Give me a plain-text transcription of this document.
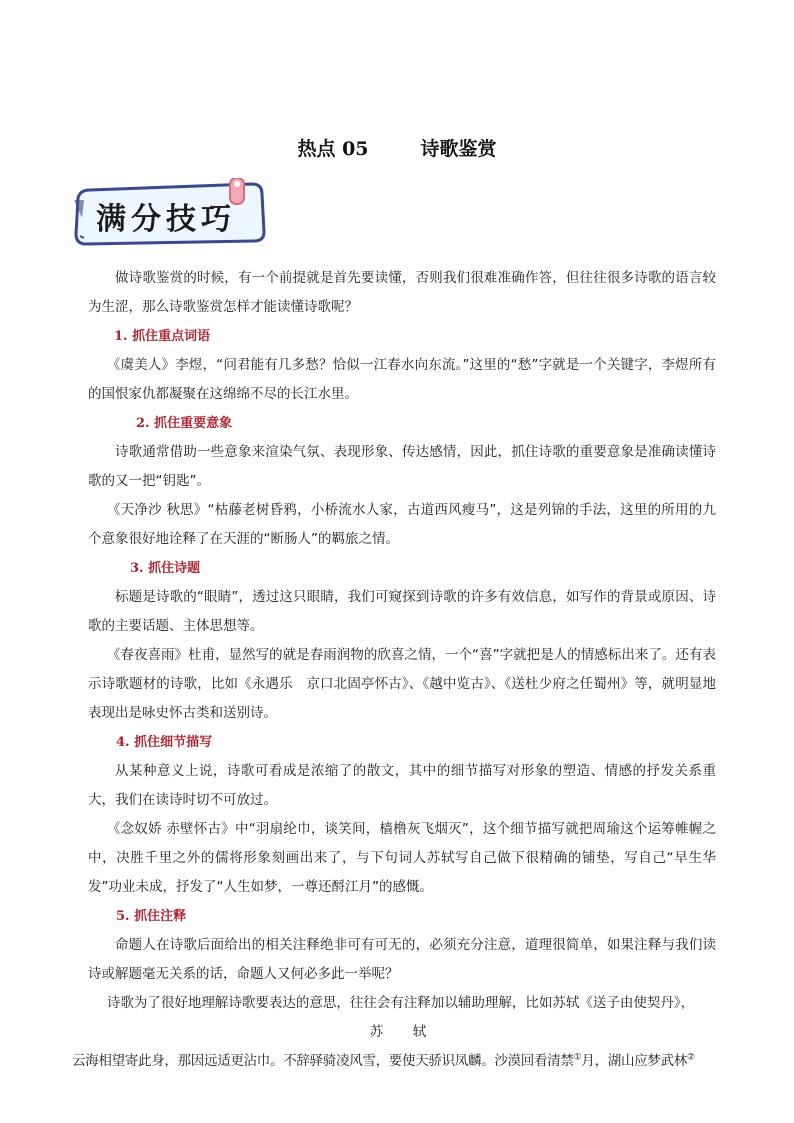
热点 05	诗歌鉴赏
满分技巧

做诗歌鉴赏的时候，有一个前提就是首先要读懂，否则我们很难准确作答，但往往很多诗歌的语言较为生涩，那么诗歌鉴赏怎样才能读懂诗歌呢？

1. 抓住重点词语

《虞美人》李煜，“问君能有几多愁？恰似一江春水向东流。”这里的“愁”字就是一个关键字，李煜所有的国恨家仇都凝聚在这绵绵不尽的长江水里。

2. 抓住重要意象

诗歌通常借助一些意象来渲染气氛、表现形象、传达感情，因此，抓住诗歌的重要意象是准确读懂诗歌的又一把“钥匙”。

《天净沙 秋思》“枯藤老树昏鸦，小桥流水人家，古道西风瘦马”，这是列锦的手法，这里的所用的九个意象很好地诠释了在天涯的“断肠人”的羁旅之情。

3. 抓住诗题

标题是诗歌的“眼睛”，透过这只眼睛，我们可窥探到诗歌的许多有效信息，如写作的背景或原因、诗歌的主要话题、主体思想等。

《春夜喜雨》杜甫，显然写的就是春雨润物的欣喜之情，一个“喜”字就把是人的情感标出来了。还有表示诗歌题材的诗歌，比如《永遇乐　京口北固亭怀古》、《越中览古》、《送杜少府之任蜀州》等，就明显地表现出是咏史怀古类和送别诗。

4. 抓住细节描写

从某种意义上说，诗歌可看成是浓缩了的散文，其中的细节描写对形象的塑造、情感的抒发关系重大，我们在读诗时切不可放过。

《念奴娇 赤壁怀古》中“羽扇纶巾，谈笑间，樯橹灰飞烟灭”，这个细节描写就把周瑜这个运筹帷幄之中，决胜千里之外的儒将形象刻画出来了，与下句词人苏轼写自己做下很精确的铺垫，写自己“早生华发”功业未成，抒发了“人生如梦，一尊还酹江月”的感慨。

5. 抓住注释

命题人在诗歌后面给出的相关注释绝非可有可无的，必须充分注意，道理很简单，如果注释与我们读诗或解题毫无关系的话，命题人又何必多此一举呢？

诗歌为了很好地理解诗歌要表达的意思，往往会有注释加以辅助理解，比如苏轼《送子由使契丹》，

苏　轼

云海相望寄此身，那因远适更沾巾。不辞驿骑凌风雪，要使天骄识凤麟。沙漠回看清禁①月，湖山应梦武林②
